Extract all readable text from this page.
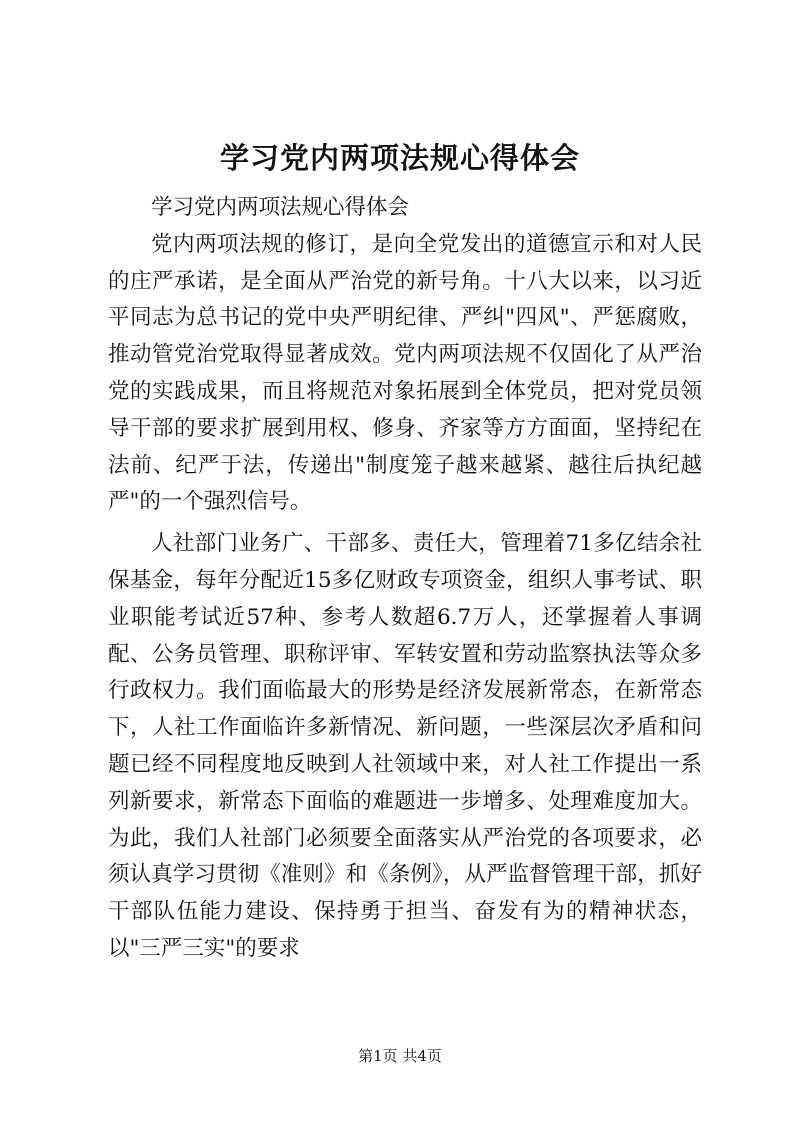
学习党内两项法规心得体会

学习党内两项法规心得体会

党内两项法规的修订，是向全党发出的道德宣示和对人民的庄严承诺，是全面从严治党的新号角。十八大以来，以习近平同志为总书记的党中央严明纪律、严纠"四风"、严惩腐败，推动管党治党取得显著成效。党内两项法规不仅固化了从严治党的实践成果，而且将规范对象拓展到全体党员，把对党员领导干部的要求扩展到用权、修身、齐家等方方面面，坚持纪在法前、纪严于法，传递出"制度笼子越来越紧、越往后执纪越严"的一个强烈信号。

人社部门业务广、干部多、责任大，管理着71多亿结余社保基金，每年分配近15多亿财政专项资金，组织人事考试、职业职能考试近57种、参考人数超6.7万人，还掌握着人事调配、公务员管理、职称评审、军转安置和劳动监察执法等众多行政权力。我们面临最大的形势是经济发展新常态，在新常态下，人社工作面临许多新情况、新问题，一些深层次矛盾和问题已经不同程度地反映到人社领域中来，对人社工作提出一系列新要求，新常态下面临的难题进一步增多、处理难度加大。为此，我们人社部门必须要全面落实从严治党的各项要求，必须认真学习贯彻《准则》和《条例》，从严监督管理干部，抓好干部队伍能力建设、保持勇于担当、奋发有为的精神状态，以"三严三实"的要求

第1页 共4页
